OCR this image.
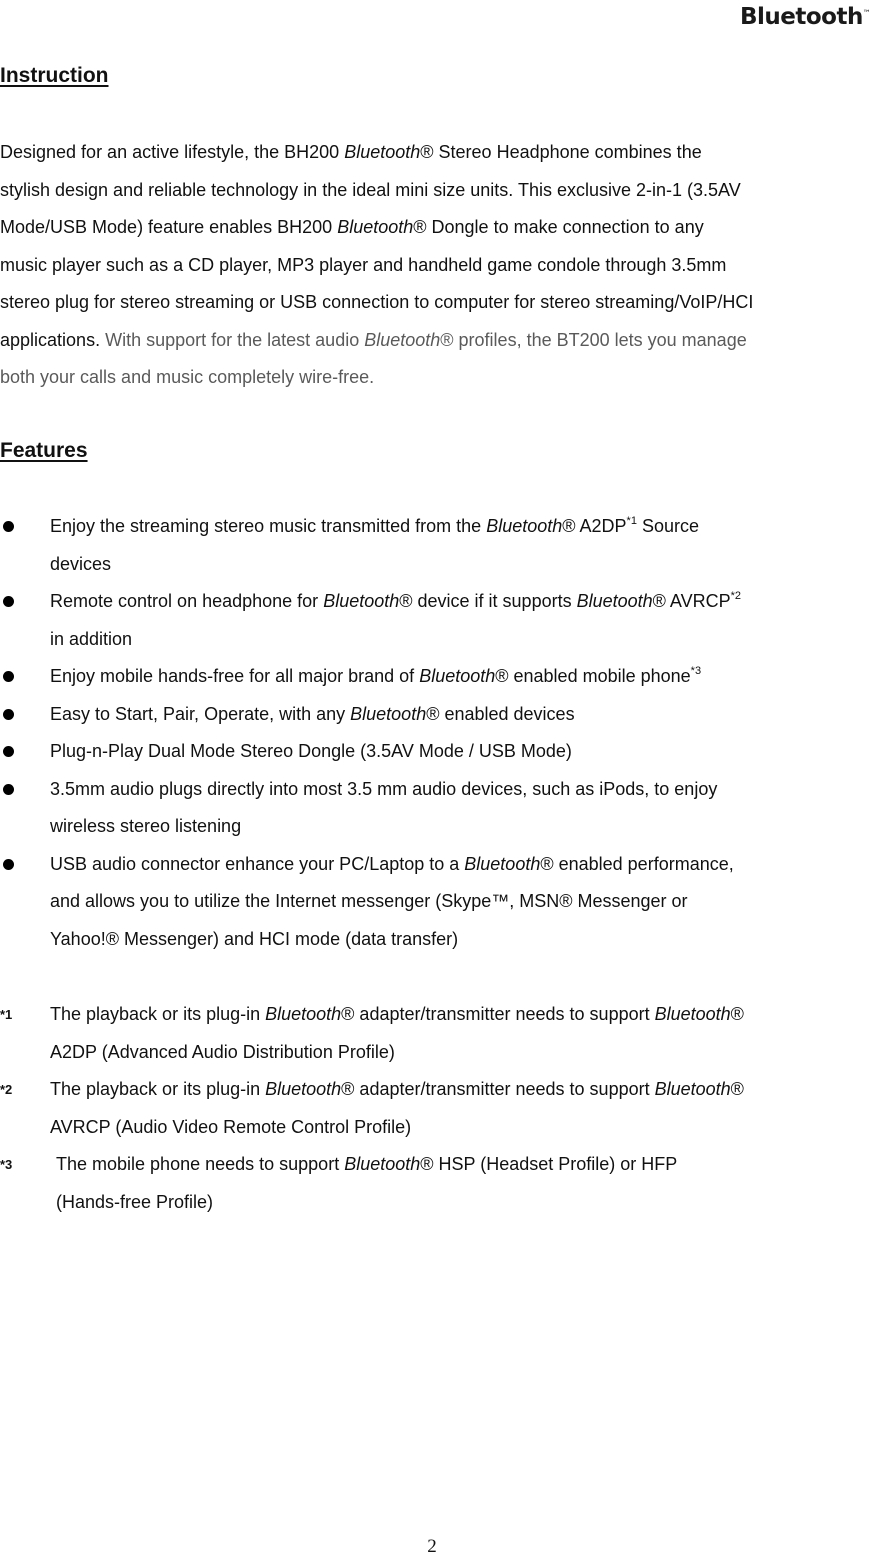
Bluetooth™
Instruction

Designed for an active lifestyle, the BH200 Bluetooth® Stereo Headphone combines the
stylish design and reliable technology in the ideal mini size units. This exclusive 2-in-1 (3.5AV
Mode/USB Mode) feature enables BH200 Bluetooth® Dongle to make connection to any
music player such as a CD player, MP3 player and handheld game condole through 3.5mm
stereo plug for stereo streaming or USB connection to computer for stereo streaming/VoIP/HCI
applications. With support for the latest audio Bluetooth® profiles, the BT200 lets you manage
both your calls and music completely wire-free.

Features
Enjoy the streaming stereo music transmitted from the Bluetooth® A2DP$^{*1}$ Source
devices
Remote control on headphone for Bluetooth® device if it supports Bluetooth® AVRCP$^{*2}$
in addition
Enjoy mobile hands-free for all major brand of Bluetooth® enabled mobile phone$^{*3}$
Easy to Start, Pair, Operate, with any Bluetooth® enabled devices
Plug-n-Play Dual Mode Stereo Dongle (3.5AV Mode / USB Mode)
3.5mm audio plugs directly into most 3.5 mm audio devices, such as iPods, to enjoy
wireless stereo listening
USB audio connector enhance your PC/Laptop to a Bluetooth® enabled performance,
and allows you to utilize the Internet messenger (Skype™, MSN® Messenger or
Yahoo!® Messenger) and HCI mode (data transfer)
*1 The playback or its plug-in Bluetooth® adapter/transmitter needs to support Bluetooth®
A2DP (Advanced Audio Distribution Profile)
*2 The playback or its plug-in Bluetooth® adapter/transmitter needs to support Bluetooth®
AVRCP (Audio Video Remote Control Profile)
*3 The mobile phone needs to support Bluetooth® HSP (Headset Profile) or HFP
(Hands-free Profile)
2
